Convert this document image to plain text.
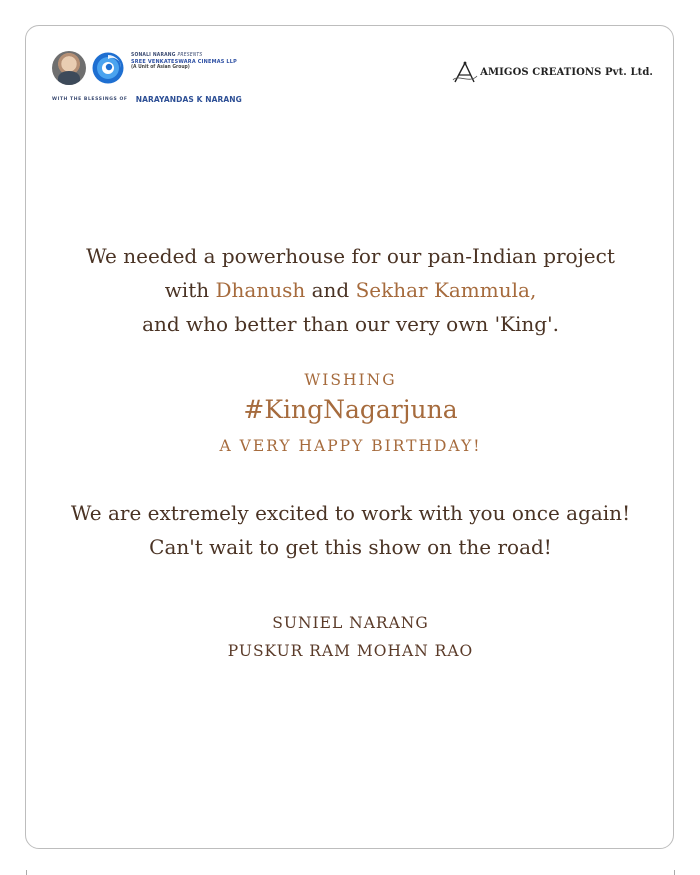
SONALI NARANG PRESENTS
SREE VENKATESWARA CINEMAS LLP
(A Unit of Asian Group)
WITH THE BLESSINGS OF NARAYANDAS K NARANG
AMIGOS CREATIONS Pvt. Ltd.
We needed a powerhouse for our pan-Indian project
with Dhanush and Sekhar Kammula,
and who better than our very own 'King'.
WISHING
#KingNagarjuna
A VERY HAPPY BIRTHDAY!
We are extremely excited to work with you once again!
Can't wait to get this show on the road!
SUNIEL NARANG
PUSKUR RAM MOHAN RAO
